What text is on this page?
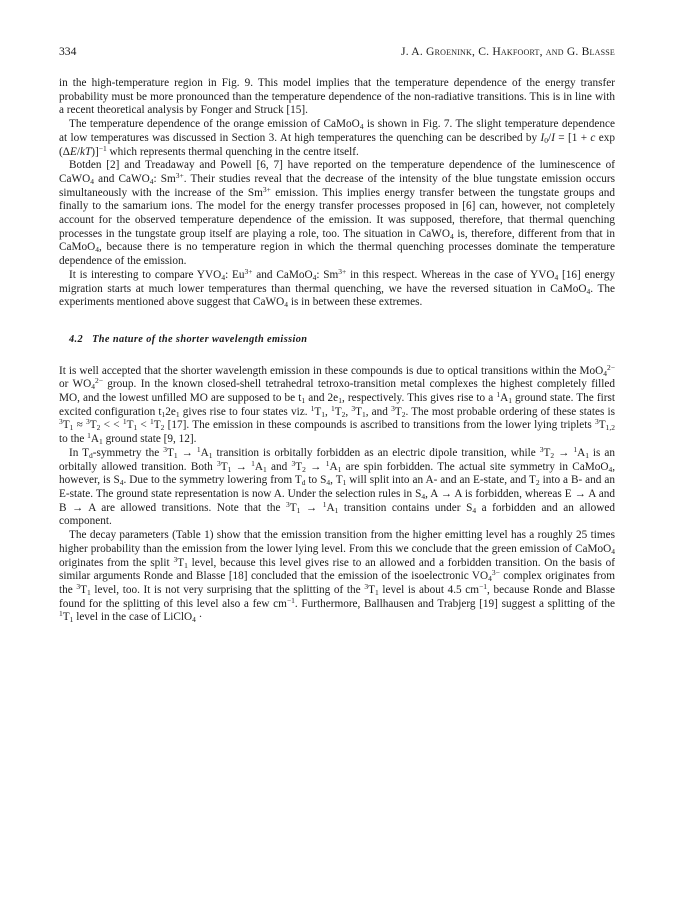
334	J. A. Groenink, C. Hakfoort, and G. Blasse

in the high-temperature region in Fig. 9. This model implies that the temperature dependence of the energy transfer probability must be more pronounced than the temperature dependence of the non-radiative transitions. This is in line with a recent theoretical analysis by Fonger and Struck [15].

The temperature dependence of the orange emission of CaMoO$_4$ is shown in Fig. 7. The slight temperature dependence at low temperatures was discussed in Section 3. At high temperatures the quenching can be described by $I_0/I = [1 + c$ exp (ΔE/kT)]$^{-1}$ which represents thermal quenching in the centre itself.

Botden [2] and Treadaway and Powell [6, 7] have reported on the temperature dependence of the luminescence of CaWO$_4$ and CaWO$_4$: $Sm^{3+}$. Their studies reveal that the decrease of the intensity of the blue tungstate emission occurs simultaneously with the increase of the $Sm^{3+}$ emission. This implies energy transfer between the tungstate groups and finally to the samarium ions. The model for the energy transfer processes proposed in [6] can, however, not completely account for the observed temperature dependence of the emission. It was supposed, therefore, that thermal quenching processes in the tungstate group itself are playing a role, too. The situation in CaWO$_4$ is, therefore, different from that in CaMoO$_4$, because there is no temperature region in which the thermal quenching processes dominate the temperature dependence of the emission.

It is interesting to compare $YVO_4$: $Eu^{3+}$ and CaMoO$_4$: $Sm^{3+}$ in this respect. Whereas in the case of $YVO_4$ [16] energy migration starts at much lower temperatures than thermal quenching, we have the reversed situation in CaMoO$_4$. The experiments mentioned above suggest that CaWO$_4$ is in between these extremes.

4.2 The nature of the shorter wavelength emission

It is well accepted that the shorter wavelength emission in these compounds is due to optical transitions within the MoO$_4^{2-}$ or $WO_4^{2-}$ group. In the known closed-shell tetrahedral tetroxo-transition metal complexes the highest completely filled MO, and the lowest unfilled MO are supposed to be $t_1$ and $2e_1$, respectively. This gives rise to a $^1A_1$ ground state. The first excited configuration $t_12e_1$ gives rise to four states viz. $^1T_1$, $^1T_2$, $^3T_1$, and $^3T_2$. The most probable ordering of these states is $^3T_1 \approx ^3T_2$ < < $^1T_1 < ^1T_2$ [17]. The emission in these compounds is ascribed to transitions from the lower lying triplets $^3T_{1,2}$ to the $^1A_1$ ground state [9, 12].

In $T_d$-symmetry the $^3T_1 \to ^1A_1$ transition is orbitally forbidden as an electric dipole transition, while $^3T_2 \to ^1A_1$ is an orbitally allowed transition. Both $^3T_1 \to ^1A_1$ and $^3T_2 \to ^1A_1$ are spin forbidden. The actual site symmetry in CaMoO$_4$, however, is $S_4$. Due to the symmetry lowering from $T_d$ to $S_4$, $T_1$ will split into an A- and an E-state, and $T_2$ into a B- and an E-state. The ground state representation is now A. Under the selection rules in $S_4$, A → A is forbidden, whereas E → A and B → A are allowed transitions. Note that the $^3T_1 \to ^1A_1$ transition contains under $S_4$ a forbidden and an allowed component.

The decay parameters (Table 1) show that the emission transition from the higher emitting level has a roughly 25 times higher probability than the emission from the lower lying level. From this we conclude that the green emission of CaMoO$_4$ originates from the split $^3T_1$ level, because this level gives rise to an allowed and a forbidden transition. On the basis of similar arguments Ronde and Blasse [18] concluded that the emission of the isoelectronic $VO_4^{3-}$ complex originates from the $^3T_1$ level, too. It is not very surprising that the splitting of the $^3T_1$ level is about 4.5 $cm^{-1}$, because Ronde and Blasse found for the splitting of this level also a few $cm^{-1}$. Furthermore, Ballhausen and Trabjerg [19] suggest a splitting of the $^1T_1$ level in the case of LiClO$_4$ ·
